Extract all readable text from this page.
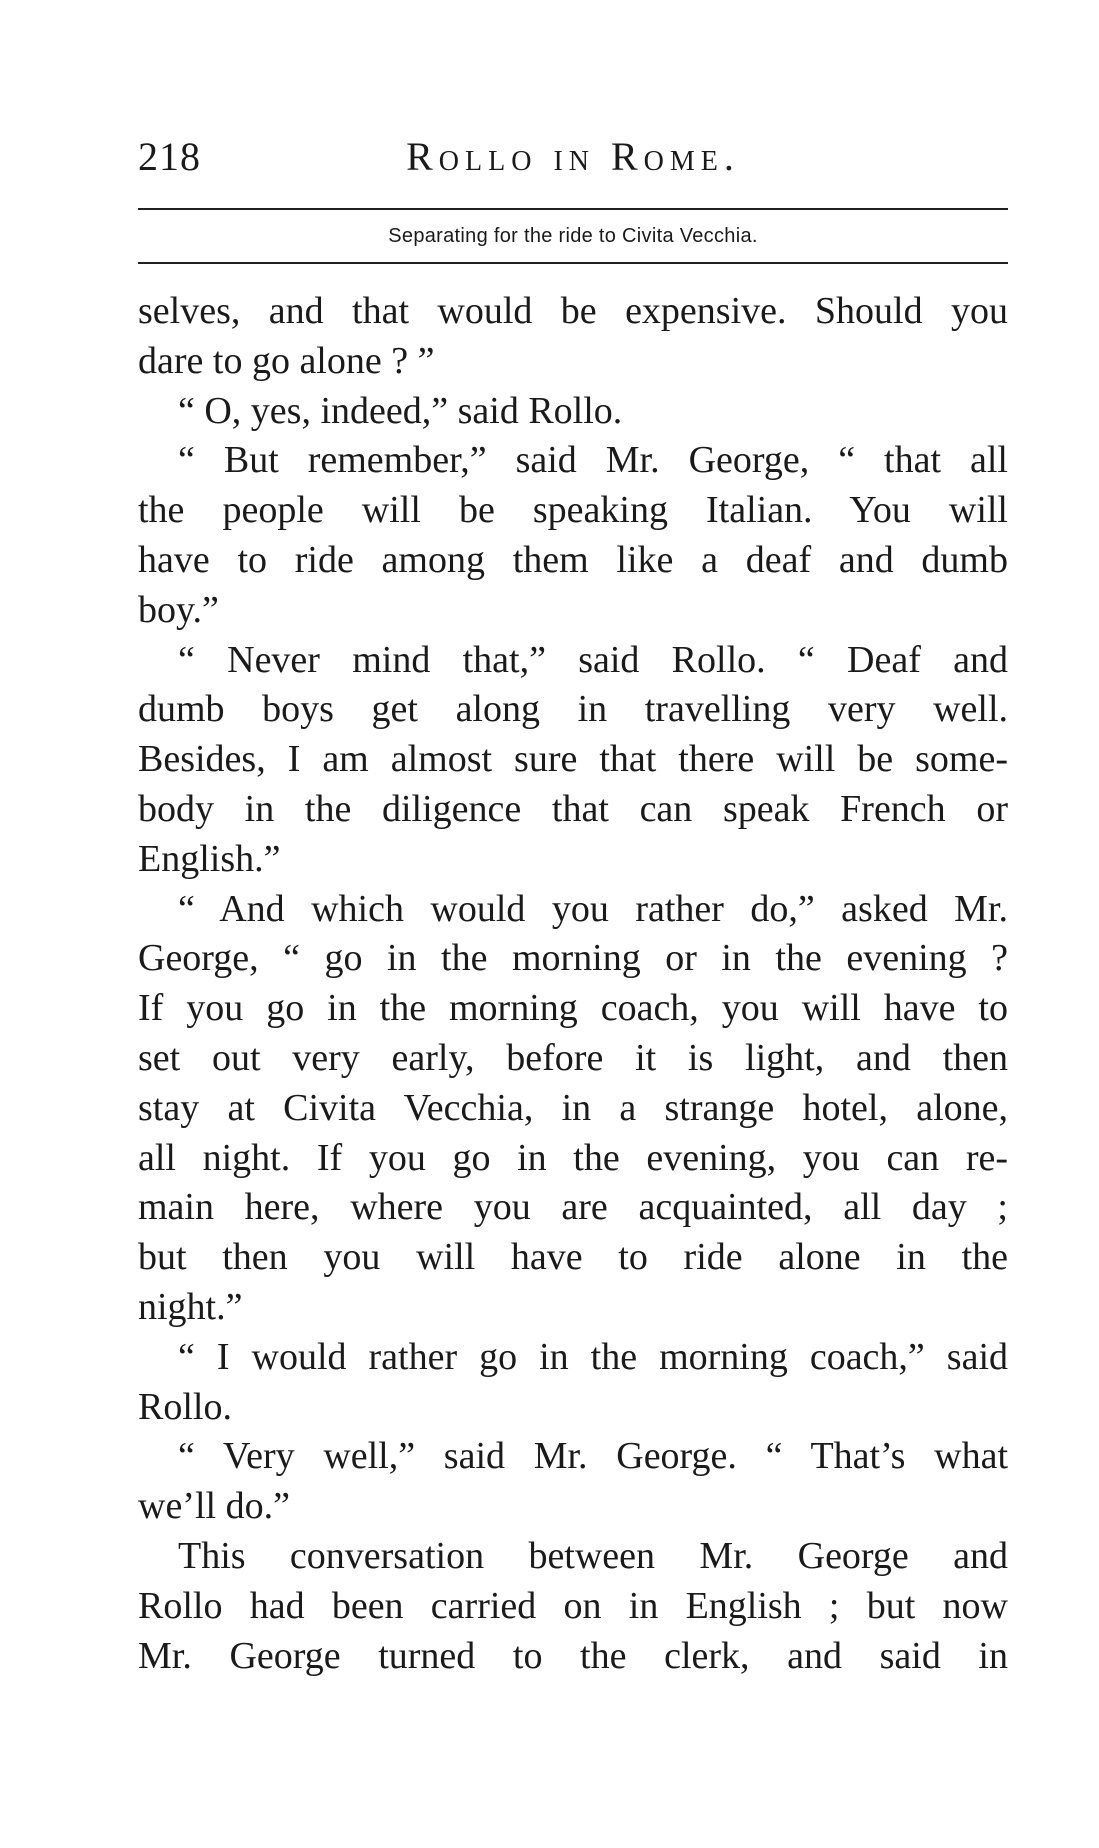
218	Rollo in Rome.
Separating for the ride to Civita Vecchia.
selves, and that would be expensive. Should you
dare to go alone ? ”
“ O, yes, indeed,” said Rollo.
“ But remember,” said Mr. George, “ that all
the people will be speaking Italian. You will
have to ride among them like a deaf and dumb
boy.”
“ Never mind that,” said Rollo. “ Deaf and
dumb boys get along in travelling very well.
Besides, I am almost sure that there will be some-
body in the diligence that can speak French or
English.”
“ And which would you rather do,” asked Mr.
George, “ go in the morning or in the evening ?
If you go in the morning coach, you will have to
set out very early, before it is light, and then
stay at Civita Vecchia, in a strange hotel, alone,
all night. If you go in the evening, you can re-
main here, where you are acquainted, all day ;
but then you will have to ride alone in the
night.”
“ I would rather go in the morning coach,” said
Rollo.
“ Very well,” said Mr. George. “ That’s what
we’ll do.”
This conversation between Mr. George and
Rollo had been carried on in English ; but now
Mr. George turned to the clerk, and said in
